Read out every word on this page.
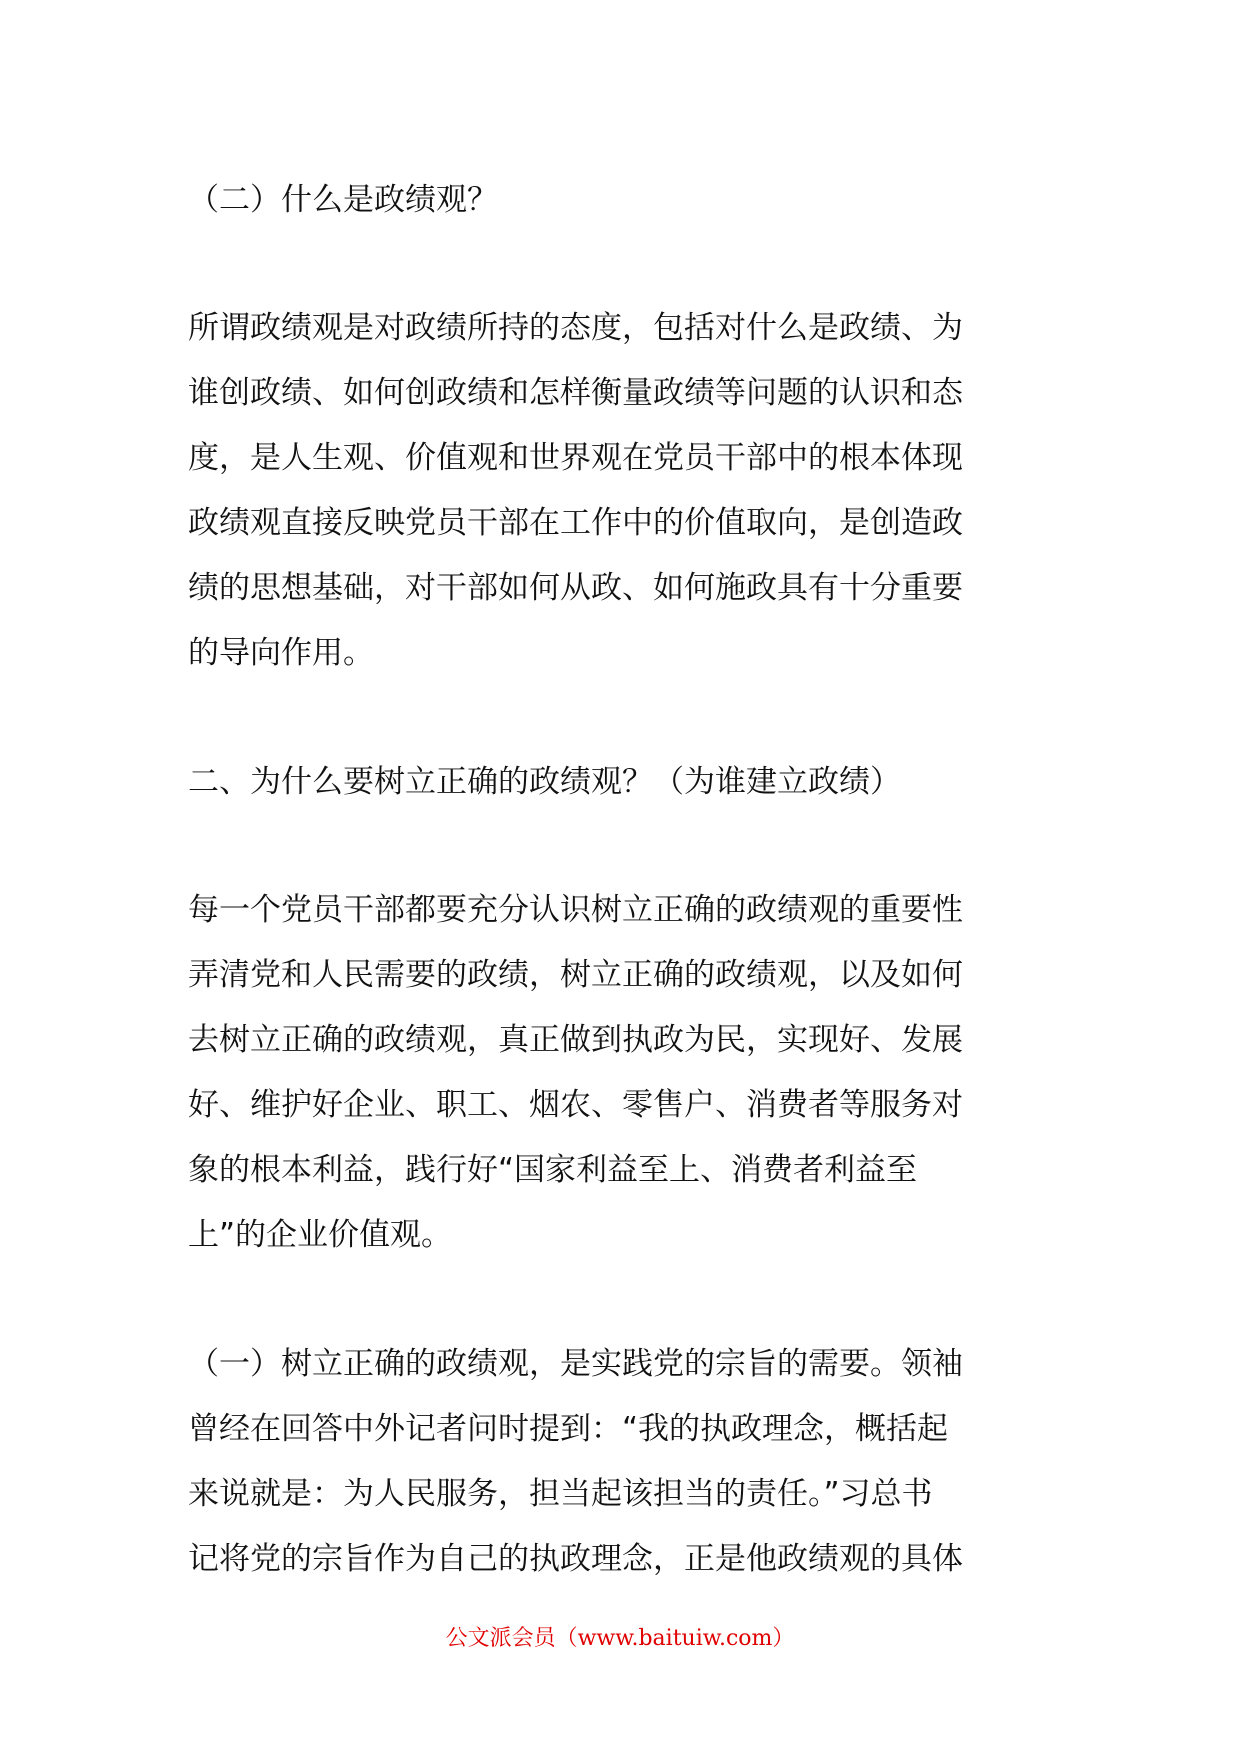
（二）什么是政绩观？

所谓政绩观是对政绩所持的态度，包括对什么是政绩、为
谁创政绩、如何创政绩和怎样衡量政绩等问题的认识和态
度，是人生观、价值观和世界观在党员干部中的根本体现
政绩观直接反映党员干部在工作中的价值取向，是创造政
绩的思想基础，对干部如何从政、如何施政具有十分重要
的导向作用。

二、为什么要树立正确的政绩观？（为谁建立政绩）

每一个党员干部都要充分认识树立正确的政绩观的重要性
弄清党和人民需要的政绩，树立正确的政绩观，以及如何
去树立正确的政绩观，真正做到执政为民，实现好、发展
好、维护好企业、职工、烟农、零售户、消费者等服务对
象的根本利益，践行好“国家利益至上、消费者利益至
上”的企业价值观。

（一）树立正确的政绩观，是实践党的宗旨的需要。领袖
曾经在回答中外记者问时提到：“我的执政理念，概括起
来说就是：为人民服务，担当起该担当的责任。”习总书
记将党的宗旨作为自己的执政理念，正是他政绩观的具体

公文派会员（www.baituiw.com）
